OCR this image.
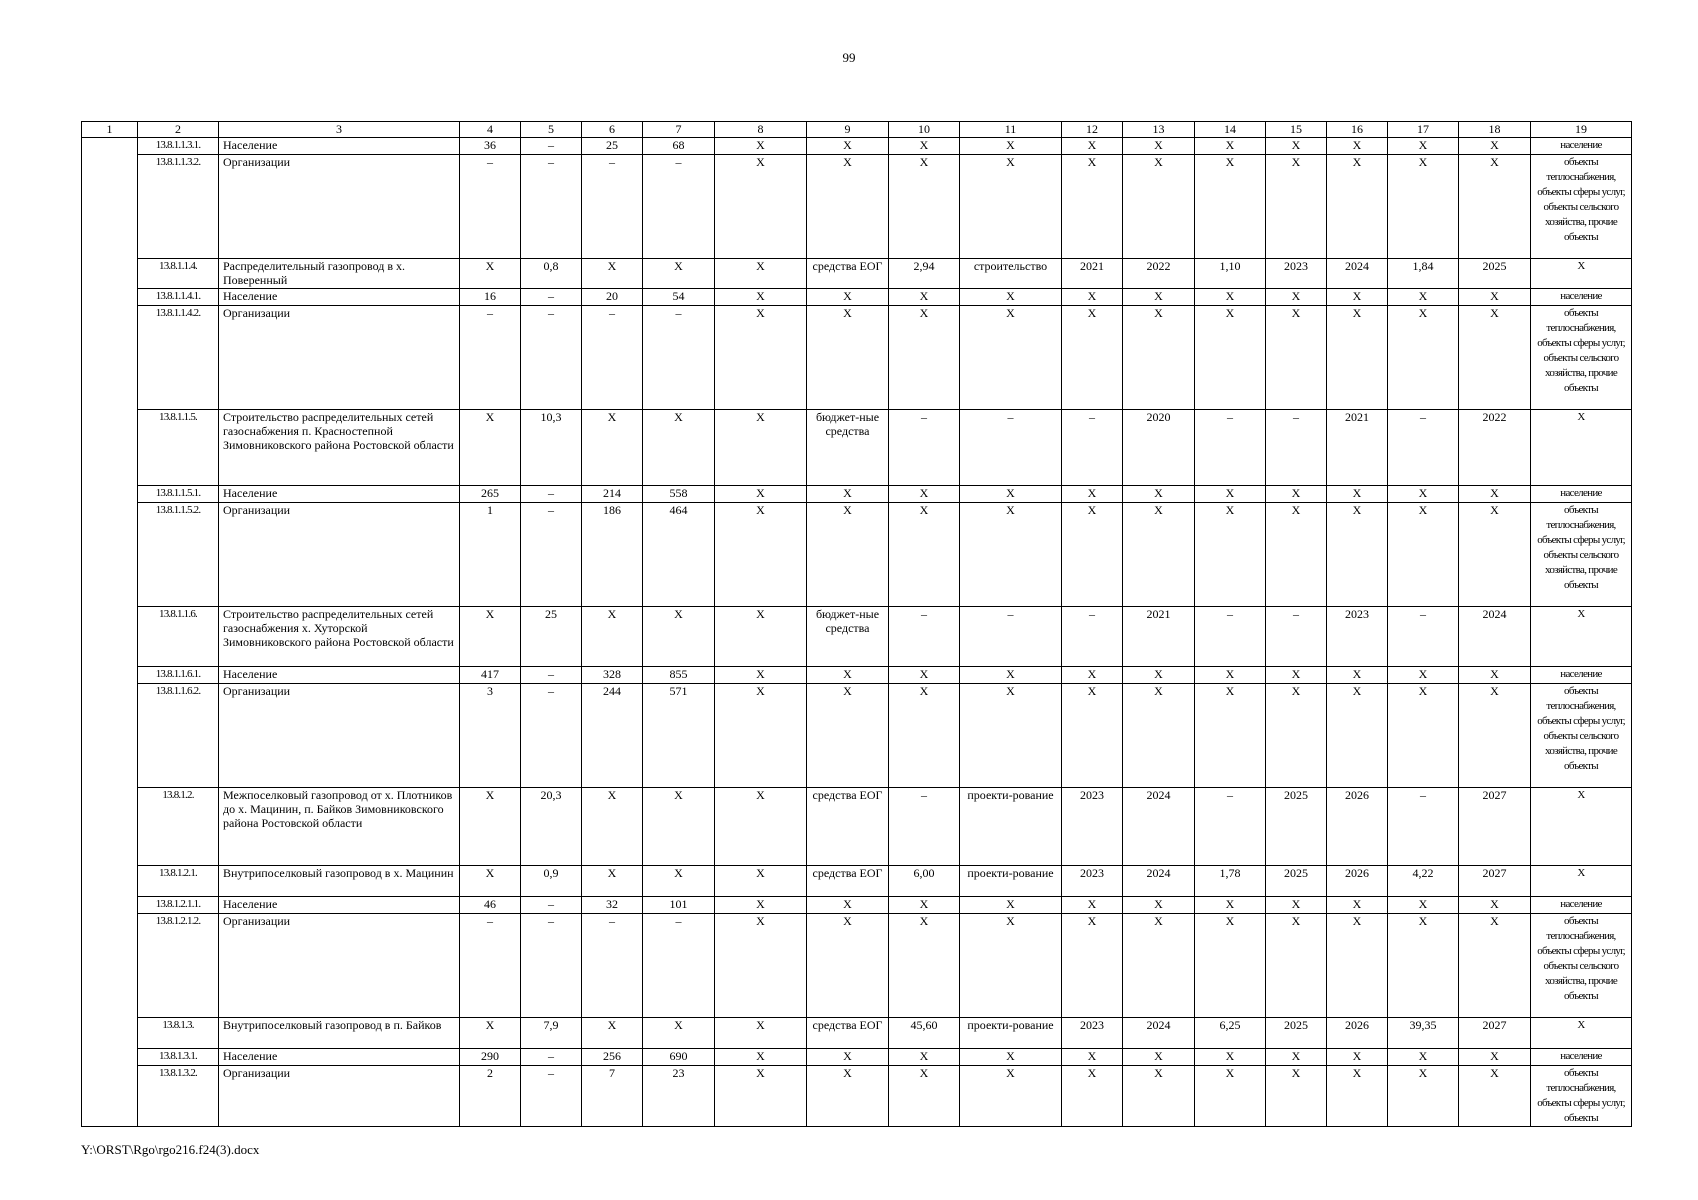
99
1	2	3	4	5	6	7	8	9	10	11	12	13	14	15	16	17	18	19
	13.8.1.1.3.1.	Население	36	–	25	68	Х	Х	Х	Х	Х	Х	Х	Х	Х	Х	Х	население
	13.8.1.1.3.2.	Организации	–	–	–	–	Х	Х	Х	Х	Х	Х	Х	Х	Х	Х	Х	объекты теплоснабжения, объекты сферы услуг, объекты сельского хозяйства, прочие объекты
	13.8.1.1.4.	Распределительный газопровод в х. Поверенный	Х	0,8	Х	Х	Х	средства ЕОГ	2,94	строительство	2021	2022	1,10	2023	2024	1,84	2025	Х
	13.8.1.1.4.1.	Население	16	–	20	54	Х	Х	Х	Х	Х	Х	Х	Х	Х	Х	Х	население
	13.8.1.1.4.2.	Организации	–	–	–	–	Х	Х	Х	Х	Х	Х	Х	Х	Х	Х	Х	объекты теплоснабжения, объекты сферы услуг, объекты сельского хозяйства, прочие объекты
	13.8.1.1.5.	Строительство распределительных сетей газоснабжения п. Красностепной Зимовниковского района Ростовской области	Х	10,3	Х	Х	Х	бюджет-ные средства	–	–	–	2020	–	–	2021	–	2022	Х
	13.8.1.1.5.1.	Население	265	–	214	558	Х	Х	Х	Х	Х	Х	Х	Х	Х	Х	Х	население
	13.8.1.1.5.2.	Организации	1	–	186	464	Х	Х	Х	Х	Х	Х	Х	Х	Х	Х	Х	объекты теплоснабжения, объекты сферы услуг, объекты сельского хозяйства, прочие объекты
	13.8.1.1.6.	Строительство распределительных сетей газоснабжения х. Хуторской Зимовниковского района Ростовской области	Х	25	Х	Х	Х	бюджет-ные средства	–	–	–	2021	–	–	2023	–	2024	Х
	13.8.1.1.6.1.	Население	417	–	328	855	Х	Х	Х	Х	Х	Х	Х	Х	Х	Х	Х	население
	13.8.1.1.6.2.	Организации	3	–	244	571	Х	Х	Х	Х	Х	Х	Х	Х	Х	Х	Х	объекты теплоснабжения, объекты сферы услуг, объекты сельского хозяйства, прочие объекты
	13.8.1.2.	Межпоселковый газопровод от х. Плотников до х. Мацинин, п. Байков Зимовниковского района Ростовской области	Х	20,3	Х	Х	Х	средства ЕОГ	–	проекти-рование	2023	2024	–	2025	2026	–	2027	Х
	13.8.1.2.1.	Внутрипоселковый газопровод в х. Мацинин	Х	0,9	Х	Х	Х	средства ЕОГ	6,00	проекти-рование	2023	2024	1,78	2025	2026	4,22	2027	Х
	13.8.1.2.1.1.	Население	46	–	32	101	Х	Х	Х	Х	Х	Х	Х	Х	Х	Х	Х	население
	13.8.1.2.1.2.	Организации	–	–	–	–	Х	Х	Х	Х	Х	Х	Х	Х	Х	Х	Х	объекты теплоснабжения, объекты сферы услуг, объекты сельского хозяйства, прочие объекты
	13.8.1.3.	Внутрипоселковый газопровод в п. Байков	Х	7,9	Х	Х	Х	средства ЕОГ	45,60	проекти-рование	2023	2024	6,25	2025	2026	39,35	2027	Х
	13.8.1.3.1.	Население	290	–	256	690	Х	Х	Х	Х	Х	Х	Х	Х	Х	Х	Х	население
	13.8.1.3.2.	Организации	2	–	7	23	Х	Х	Х	Х	Х	Х	Х	Х	Х	Х	Х	объекты теплоснабжения, объекты сферы услуг, объекты
Y:\ORST\Rgo\rgo216.f24(3).docx
